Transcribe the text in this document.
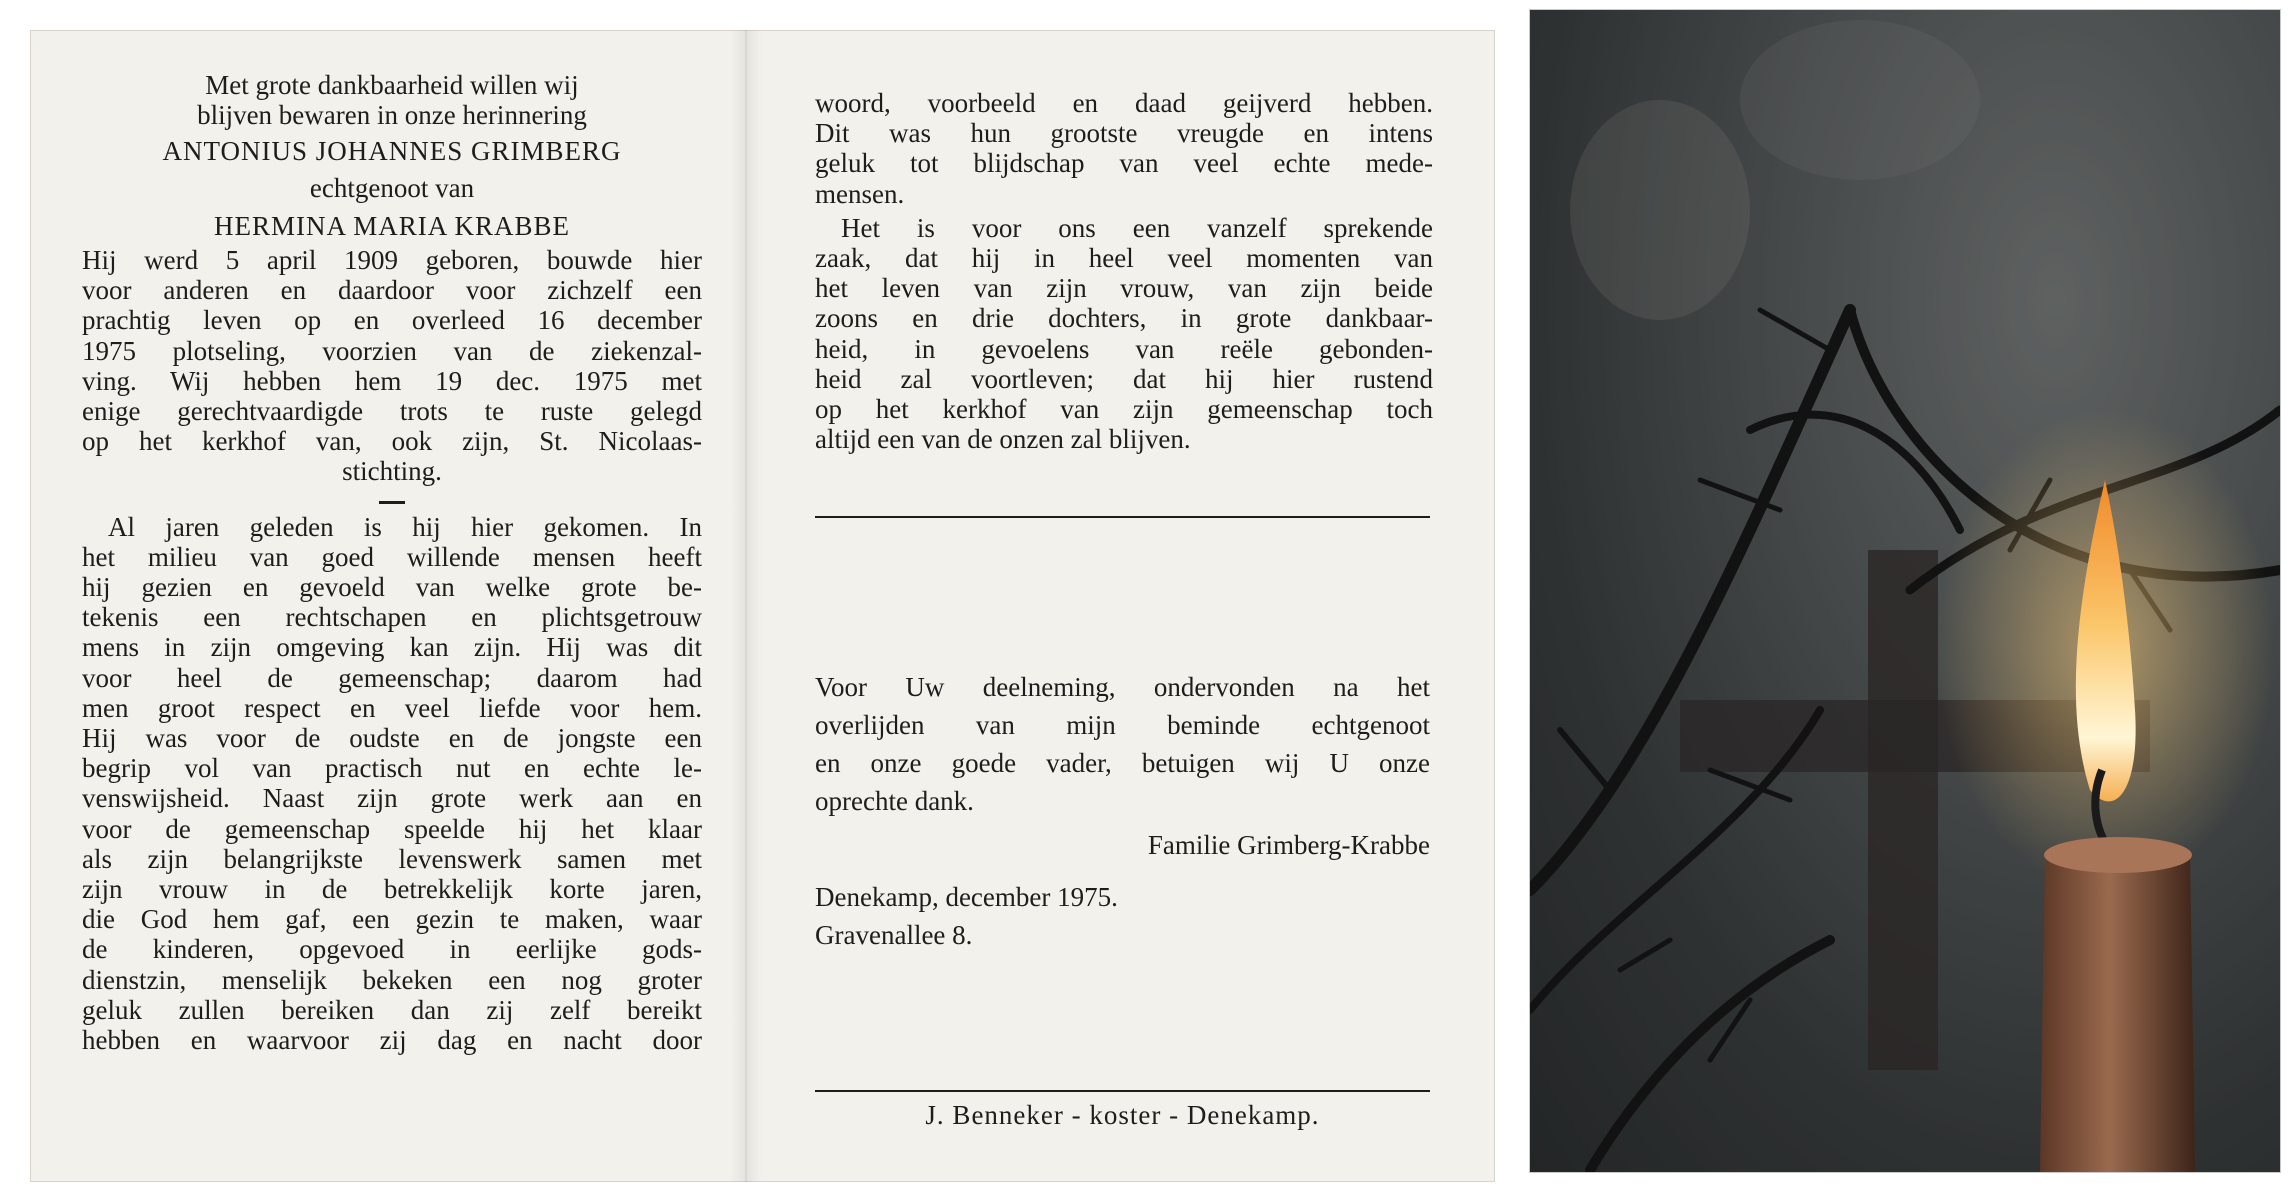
Met grote dankbaarheid willen wij
blijven bewaren in onze herinnering
ANTONIUS JOHANNES GRIMBERG
echtgenoot van
HERMINA MARIA KRABBE

Hij werd 5 april 1909 geboren, bouwde hier

voor anderen en daardoor voor zichzelf een

prachtig leven op en overleed 16 december

1975 plotseling, voorzien van de ziekenzal-

ving. Wij hebben hem 19 dec. 1975 met

enige gerechtvaardigde trots te ruste gelegd

op het kerkhof van, ook zijn, St. Nicolaas-

stichting.

Al jaren geleden is hij hier gekomen. In

het milieu van goed willende mensen heeft

hij gezien en gevoeld van welke grote be-

tekenis een rechtschapen en plichtsgetrouw

mens in zijn omgeving kan zijn. Hij was dit

voor heel de gemeenschap; daarom had

men groot respect en veel liefde voor hem.

Hij was voor de oudste en de jongste een

begrip vol van practisch nut en echte le-

venswijsheid. Naast zijn grote werk aan en

voor de gemeenschap speelde hij het klaar

als zijn belangrijkste levenswerk samen met

zijn vrouw in de betrekkelijk korte jaren,

die God hem gaf, een gezin te maken, waar

de kinderen, opgevoed in eerlijke gods-

dienstzin, menselijk bekeken een nog groter

geluk zullen bereiken dan zij zelf bereikt

hebben en waarvoor zij dag en nacht door

woord, voorbeeld en daad geijverd hebben.

Dit was hun grootste vreugde en intens

geluk tot blijdschap van veel echte mede-

mensen.

Het is voor ons een vanzelf sprekende

zaak, dat hij in heel veel momenten van

het leven van zijn vrouw, van zijn beide

zoons en drie dochters, in grote dankbaar-

heid, in gevoelens van reële gebonden-

heid zal voortleven; dat hij hier rustend

op het kerkhof van zijn gemeenschap toch

altijd een van de onzen zal blijven.

Voor Uw deelneming, ondervonden na het

overlijden van mijn beminde echtgenoot

en onze goede vader, betuigen wij U onze

oprechte dank.

Familie Grimberg-Krabbe
Denekamp, december 1975.
Gravenallee 8.
J. Benneker - koster - Denekamp.
